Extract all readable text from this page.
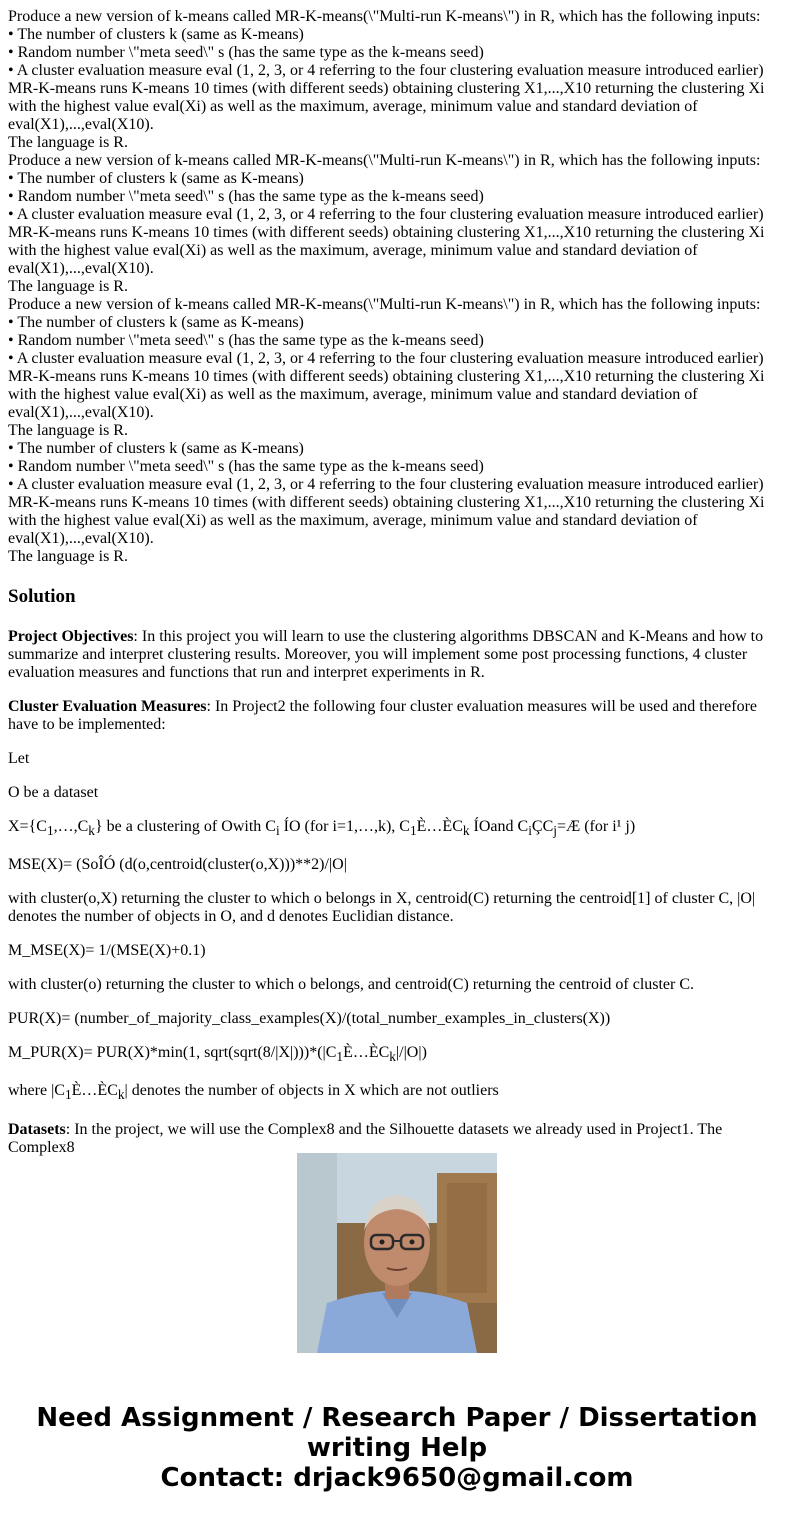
Produce a new version of k-means called MR-K-means(\"Multi-run K-means\") in R, which has the following inputs:
• The number of clusters k (same as K-means)
• Random number \"meta seed\" s (has the same type as the k-means seed)
• A cluster evaluation measure eval (1, 2, 3, or 4 referring to the four clustering evaluation measure introduced earlier)
MR-K-means runs K-means 10 times (with different seeds) obtaining clustering X1,...,X10 returning the clustering Xi with the highest value eval(Xi) as well as the maximum, average, minimum value and standard deviation of eval(X1),...,eval(X10).
The language is R.
Produce a new version of k-means called MR-K-means(\"Multi-run K-means\") in R, which has the following inputs:
• The number of clusters k (same as K-means)
• Random number \"meta seed\" s (has the same type as the k-means seed)
• A cluster evaluation measure eval (1, 2, 3, or 4 referring to the four clustering evaluation measure introduced earlier)
MR-K-means runs K-means 10 times (with different seeds) obtaining clustering X1,...,X10 returning the clustering Xi with the highest value eval(Xi) as well as the maximum, average, minimum value and standard deviation of eval(X1),...,eval(X10).
The language is R.
Produce a new version of k-means called MR-K-means(\"Multi-run K-means\") in R, which has the following inputs:
• The number of clusters k (same as K-means)
• Random number \"meta seed\" s (has the same type as the k-means seed)
• A cluster evaluation measure eval (1, 2, 3, or 4 referring to the four clustering evaluation measure introduced earlier)
MR-K-means runs K-means 10 times (with different seeds) obtaining clustering X1,...,X10 returning the clustering Xi with the highest value eval(Xi) as well as the maximum, average, minimum value and standard deviation of eval(X1),...,eval(X10).
The language is R.
• The number of clusters k (same as K-means)
• Random number \"meta seed\" s (has the same type as the k-means seed)
• A cluster evaluation measure eval (1, 2, 3, or 4 referring to the four clustering evaluation measure introduced earlier)
MR-K-means runs K-means 10 times (with different seeds) obtaining clustering X1,...,X10 returning the clustering Xi with the highest value eval(Xi) as well as the maximum, average, minimum value and standard deviation of eval(X1),...,eval(X10).
The language is R.
Solution

Project Objectives: In this project you will learn to use the clustering algorithms DBSCAN and K-Means and how to summarize and interpret clustering results. Moreover, you will implement some post processing functions, 4 cluster evaluation measures and functions that run and interpret experiments in R.

Cluster Evaluation Measures: In Project2 the following four cluster evaluation measures will be used and therefore have to be implemented:

Let

O be a dataset

$X=\{C_1,\dots,C_k\}$ be a clustering of Owith $C_i$ ÍO (for i=1,…,k), $C_1È\dots ÈC_k$ ÍOand $C_iÇC_j=Æ$ (for i¹ j)

MSE(X)= (SoÎÓ (d(o,centroid(cluster(o,X)))**2)/|O|

with cluster(o,X) returning the cluster to which o belongs in X, centroid(C) returning the centroid[1] of cluster C, |O| denotes the number of objects in O, and d denotes Euclidian distance.

M_MSE(X)= 1/(MSE(X)+0.1)

with cluster(o) returning the cluster to which o belongs, and centroid(C) returning the centroid of cluster C.

PUR(X)= (number_of_majority_class_examples(X)/(total_number_examples_in_clusters(X))

M_PUR(X)= PUR(X)*min(1, $sqrt(sqrt(8/|X|)))*(|C_1È\dots ÈC_k|/|O|)$

where $|C_1È\dots ÈC_k|$ denotes the number of objects in X which are not outliers

Datasets: In the project, we will use the Complex8 and the Silhouette datasets we already used in Project1. The Complex8

Need Assignment / Research Paper / Dissertation
writing Help
Contact: drjack9650@gmail.com
